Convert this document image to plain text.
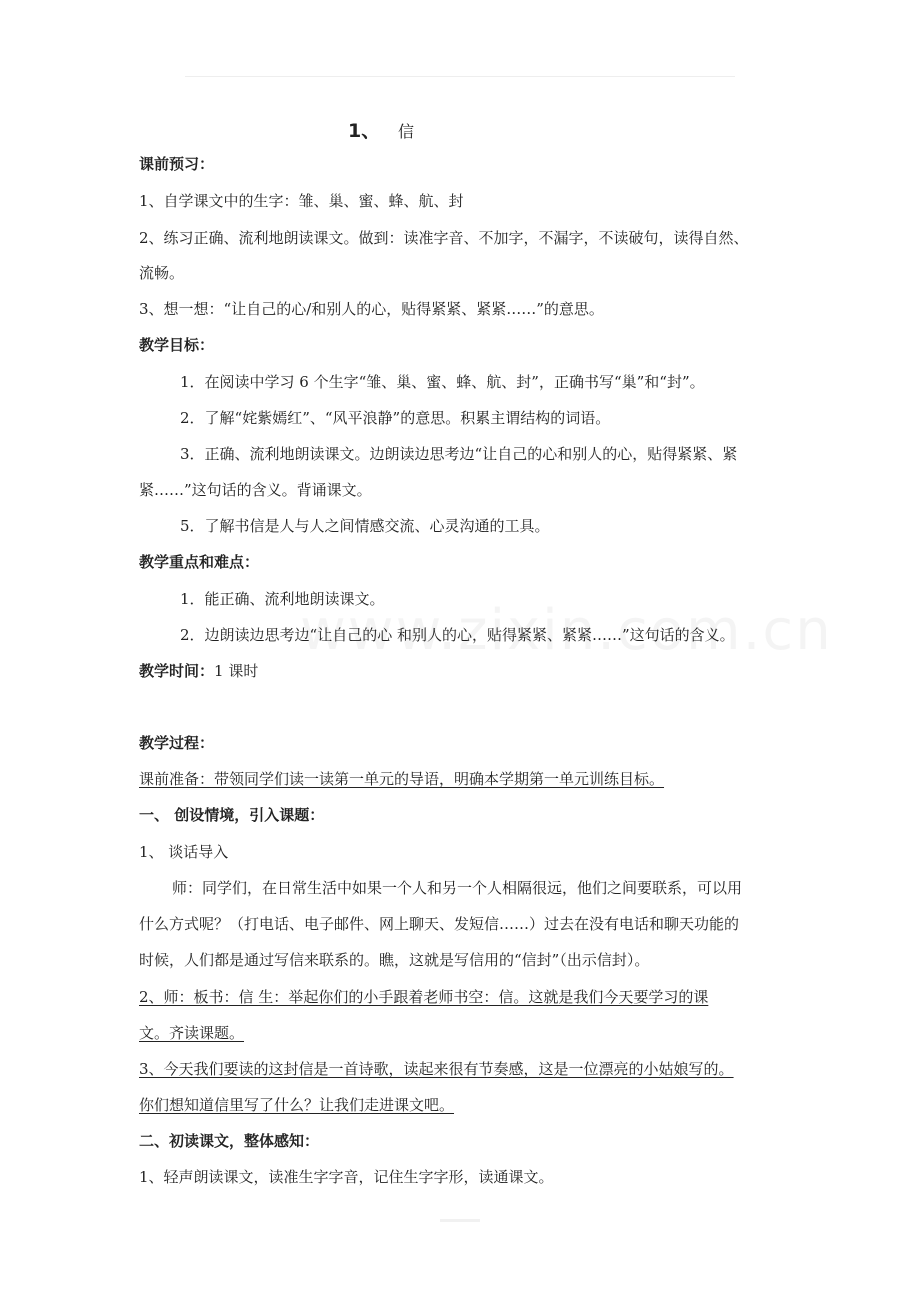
1、 信
课前预习：
1、自学课文中的生字：雏、巢、蜜、蜂、航、封
2、练习正确、流利地朗读课文。做到：读准字音、不加字，不漏字，不读破句，读得自然、
流畅。
3、想一想：“让自己的心/和别人的心，贴得紧紧、紧紧……”的意思。
教学目标：
1．在阅读中学习 6 个生字“雏、巢、蜜、蜂、航、封”，正确书写“巢”和“封”。
2．了解“姹紫嫣红”、“风平浪静”的意思。积累主谓结构的词语。
3．正确、流利地朗读课文。边朗读边思考边“让自己的心和别人的心，贴得紧紧、紧
紧……”这句话的含义。背诵课文。
5．了解书信是人与人之间情感交流、心灵沟通的工具。
教学重点和难点：
1．能正确、流利地朗读课文。
2．边朗读边思考边“让自己的心 和别人的心，贴得紧紧、紧紧……”这句话的含义。
教学时间：1 课时
教学过程：
课前准备：带领同学们读一读第一单元的导语，明确本学期第一单元训练目标。
一、 创设情境，引入课题：
1、 谈话导入
师：同学们，在日常生活中如果一个人和另一个人相隔很远，他们之间要联系，可以用
什么方式呢？（打电话、电子邮件、网上聊天、发短信……）过去在没有电话和聊天功能的
时候，人们都是通过写信来联系的。瞧，这就是写信用的“信封”（出示信封）。
2、师：板书：信 生：举起你们的小手跟着老师书空：信。这就是我们今天要学习的课
文。齐读课题。
3、今天我们要读的这封信是一首诗歌，读起来很有节奏感，这是一位漂亮的小姑娘写的。
你们想知道信里写了什么？让我们走进课文吧。
二、初读课文，整体感知：
1、轻声朗读课文，读准生字字音，记住生字字形，读通课文。
